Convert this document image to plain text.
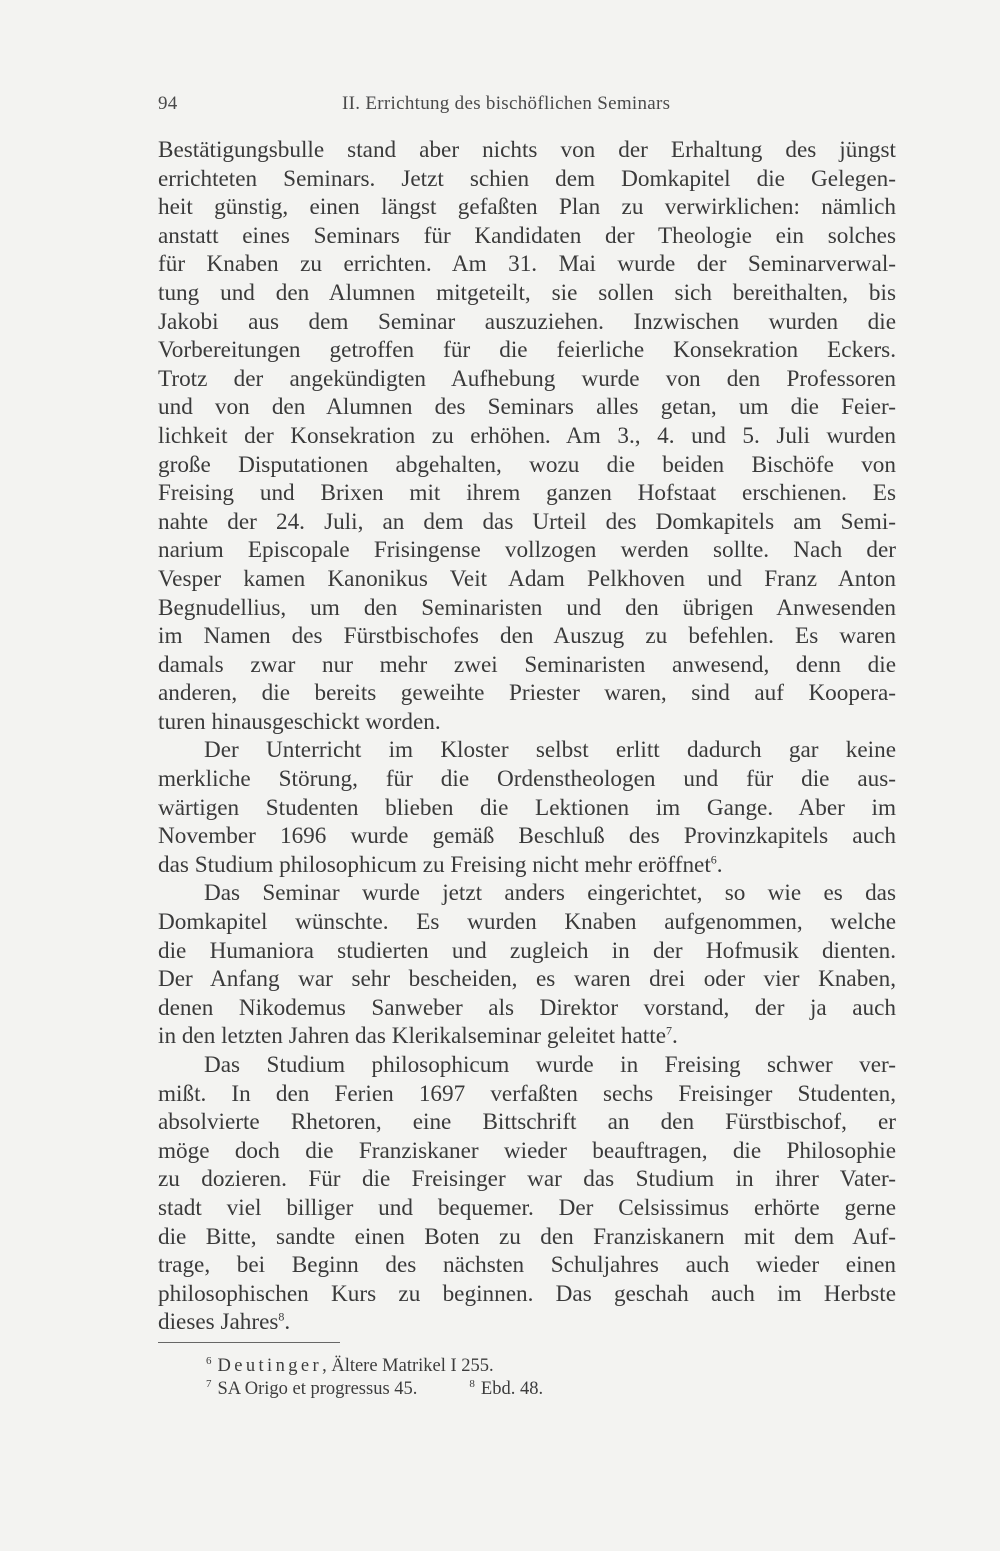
94	II. Errichtung des bischöflichen Seminars
Bestätigungsbulle stand aber nichts von der Erhaltung des jüngst
errichteten Seminars. Jetzt schien dem Domkapitel die Gelegen-
heit günstig, einen längst gefaßten Plan zu verwirklichen: nämlich
anstatt eines Seminars für Kandidaten der Theologie ein solches
für Knaben zu errichten. Am 31. Mai wurde der Seminarverwal-
tung und den Alumnen mitgeteilt, sie sollen sich bereithalten, bis
Jakobi aus dem Seminar auszuziehen. Inzwischen wurden die
Vorbereitungen getroffen für die feierliche Konsekration Eckers.
Trotz der angekündigten Aufhebung wurde von den Professoren
und von den Alumnen des Seminars alles getan, um die Feier-
lichkeit der Konsekration zu erhöhen. Am 3., 4. und 5. Juli wurden
große Disputationen abgehalten, wozu die beiden Bischöfe von
Freising und Brixen mit ihrem ganzen Hofstaat erschienen. Es
nahte der 24. Juli, an dem das Urteil des Domkapitels am Semi-
narium Episcopale Frisingense vollzogen werden sollte. Nach der
Vesper kamen Kanonikus Veit Adam Pelkhoven und Franz Anton
Begnudellius, um den Seminaristen und den übrigen Anwesenden
im Namen des Fürstbischofes den Auszug zu befehlen. Es waren
damals zwar nur mehr zwei Seminaristen anwesend, denn die
anderen, die bereits geweihte Priester waren, sind auf Koopera-
turen hinausgeschickt worden.
Der Unterricht im Kloster selbst erlitt dadurch gar keine
merkliche Störung, für die Ordenstheologen und für die aus-
wärtigen Studenten blieben die Lektionen im Gange. Aber im
November 1696 wurde gemäß Beschluß des Provinzkapitels auch
das Studium philosophicum zu Freising nicht mehr eröffnet$^6$.
Das Seminar wurde jetzt anders eingerichtet, so wie es das
Domkapitel wünschte. Es wurden Knaben aufgenommen, welche
die Humaniora studierten und zugleich in der Hofmusik dienten.
Der Anfang war sehr bescheiden, es waren drei oder vier Knaben,
denen Nikodemus Sanweber als Direktor vorstand, der ja auch
in den letzten Jahren das Klerikalseminar geleitet hatte$^7$.
Das Studium philosophicum wurde in Freising schwer ver-
mißt. In den Ferien 1697 verfaßten sechs Freisinger Studenten,
absolvierte Rhetoren, eine Bittschrift an den Fürstbischof, er
möge doch die Franziskaner wieder beauftragen, die Philosophie
zu dozieren. Für die Freisinger war das Studium in ihrer Vater-
stadt viel billiger und bequemer. Der Celsissimus erhörte gerne
die Bitte, sandte einen Boten zu den Franziskanern mit dem Auf-
trage, bei Beginn des nächsten Schuljahres auch wieder einen
philosophischen Kurs zu beginnen. Das geschah auch im Herbste
dieses Jahres$^8$.
$^6$ Deutinger, Ältere Matrikel I 255.
$^7$ SA Origo et progressus 45.	$^8$ Ebd. 48.
